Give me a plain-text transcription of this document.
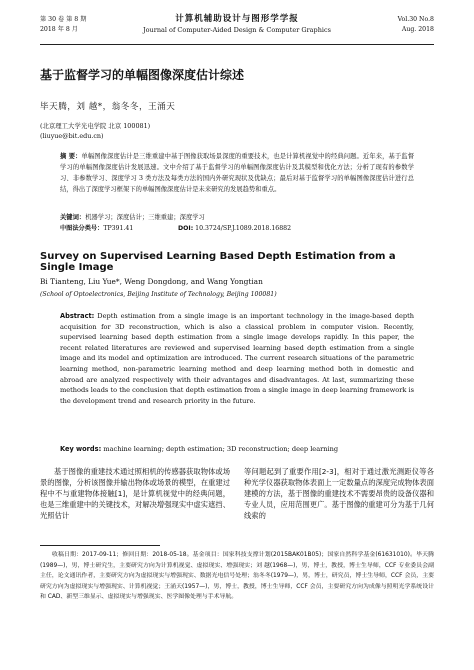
第 30 卷 第 8 期
2018 年 8 月
计算机辅助设计与图形学学报
Journal of Computer-Aided Design & Computer Graphics
Vol.30 No.8
Aug. 2018
基于监督学习的单幅图像深度估计综述
毕天腾，刘 越*，翁冬冬，王涌天
(北京理工大学光电学院 北京 100081)
(liuyue@bit.edu.cn)
摘 要：单幅图像深度估计是三维重建中基于图像获取场景深度的重要技术，也是计算机视觉中的经典问题。近年来，基于监督学习的单幅图像深度估计发展迅速。文中介绍了基于监督学习的单幅图像深度估计及其模型和优化方法；分析了现有的参数学习、非参数学习、深度学习 3 类方法及每类方法的国内外研究现状及优缺点；最后对基于监督学习的单幅图像深度估计进行总结，得出了深度学习框架下的单幅图像深度估计是未来研究的发展趋势和重点。
关键词：机器学习；深度估计；三维重建；深度学习
中图法分类号：TP391.41	DOI: 10.3724/SP.J.1089.2018.16882
Survey on Supervised Learning Based Depth Estimation from a Single Image
Bi Tianteng, Liu Yue*, Weng Dongdong, and Wang Yongtian
(School of Optoelectronics, Beijing Institute of Technology, Beijing 100081)
Abstract: Depth estimation from a single image is an important technology in the image-based depth acquisition for 3D reconstruction, which is also a classical problem in computer vision. Recently, supervised learning based depth estimation from a single image develops rapidly. In this paper, the recent related literatures are reviewed and supervised learning based depth estimation from a single image and its model and optimization are introduced. The current research situations of the parametric learning method, non-parametric learning method and deep learning method both in domestic and abroad are analyzed respectively with their advantages and disadvantages. At last, summarizing these methods leads to the conclusion that depth estimation from a single image in deep learning framework is the development trend and research priority in the future.
Key words: machine learning; depth estimation; 3D reconstruction; deep learning
基于图像的重建技术通过照相机的传感器获取物体或场景的图像，分析该图像并输出物体或场景的模型，在重建过程中不与重建物体接触[1]，是计算机视觉中的经典问题，也是三维重建中的关键技术，对解决增强现实中虚实遮挡、光照估计
等问题起到了重要作用[2-3]，相对于通过激光测距仪等各种光学仪器获取物体表面上一定数量点的深度完成物体表面建模的方法，基于图像的重建技术不需要昂贵的设备仪器和专业人员，应用范围更广。基于图像的重建可分为基于几何线索的
收稿日期：2017-09-11；修回日期：2018-05-18。基金项目：国家科技支撑计划(2015BAK01B05)；国家自然科学基金(61631010)。毕天腾(1989—)，男，博士研究生，主要研究方向为计算机视觉、虚拟现实、增强现实；刘 越(1968—)，男，博士，教授，博士生导师，CCF 专业委员会副主任，论文通讯作者，主要研究方向为虚拟现实与增强现实、数据光电信号处理；翁冬冬(1979—)，男，博士，研究员，博士生导师，CCF 会员，主要研究方向为虚拟现实与增强现实、计算机视觉；王涌天(1957—)，男，博士，教授，博士生导师，CCF 会员，主要研究方向为成像与照明光学系统设计和 CAD、新型三维显示、虚拟现实与增强现实、医学图像处理与手术导航。
